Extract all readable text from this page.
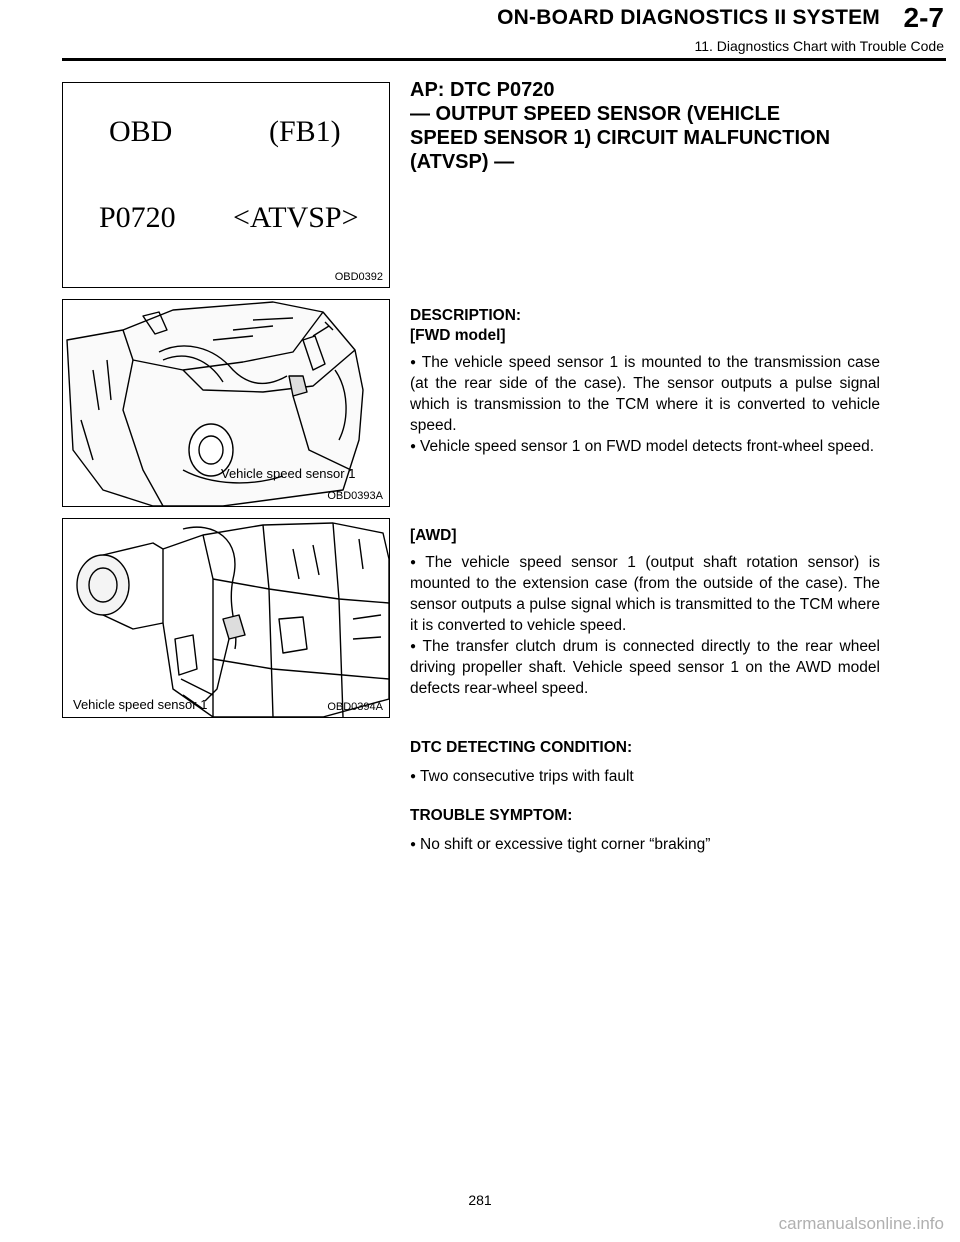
ON-BOARD DIAGNOSTICS II SYSTEM 2-7
11. Diagnostics Chart with Trouble Code
OBD	(FB1)
P0720 <ATVSP>
OBD0392
Vehicle speed sensor 1
OBD0393A
Vehicle speed sensor 1	OBD0394A
AP: DTC P0720
— OUTPUT SPEED SENSOR (VEHICLE
SPEED SENSOR 1) CIRCUIT MALFUNCTION
(ATVSP) —
DESCRIPTION:
[FWD model]

● The vehicle speed sensor 1 is mounted to the transmission case (at the rear side of the case). The sensor outputs a pulse signal which is transmission to the TCM where it is converted to vehicle speed.

● Vehicle speed sensor 1 on FWD model detects front-wheel speed.

[AWD]

● The vehicle speed sensor 1 (output shaft rotation sensor) is mounted to the extension case (from the outside of the case). The sensor outputs a pulse signal which is transmitted to the TCM where it is converted to vehicle speed.

● The transfer clutch drum is connected directly to the rear wheel driving propeller shaft. Vehicle speed sensor 1 on the AWD model defects rear-wheel speed.

DTC DETECTING CONDITION:

● Two consecutive trips with fault

TROUBLE SYMPTOM:

● No shift or excessive tight corner “braking”

281
carmanualsonline.info
